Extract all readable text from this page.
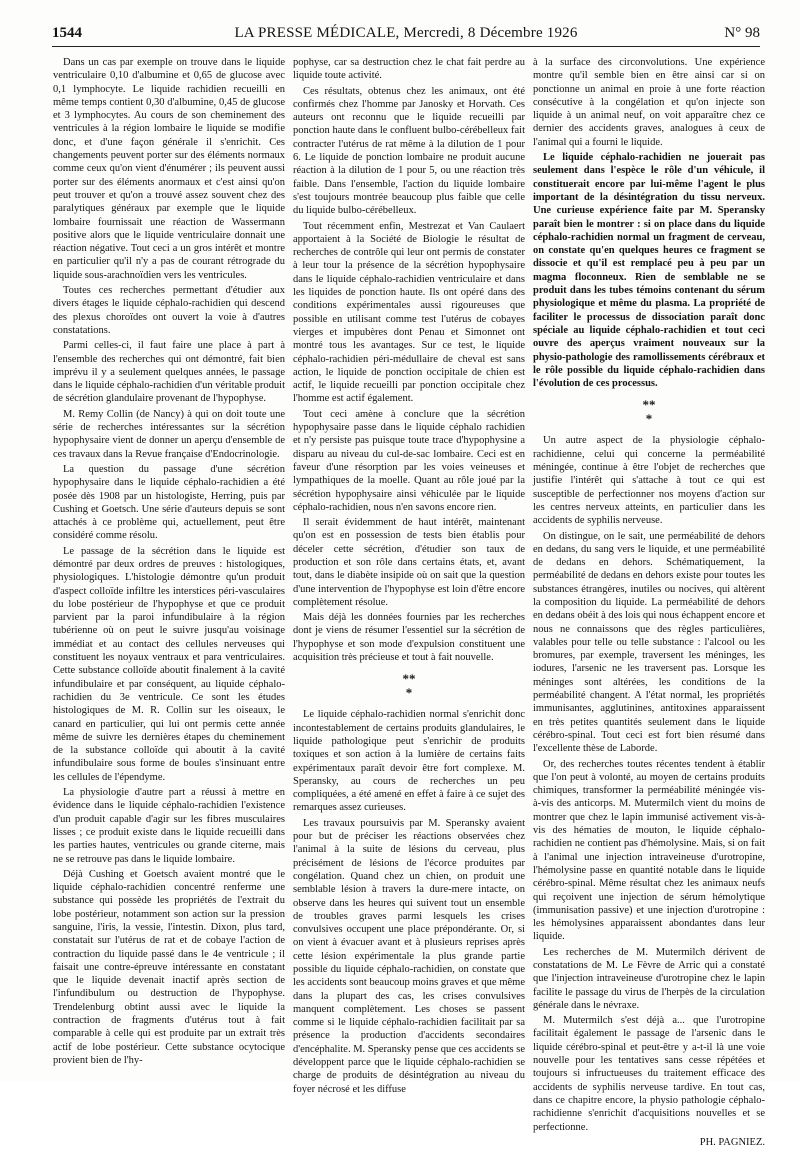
1544	LA PRESSE MÉDICALE, Mercredi, 8 Décembre 1926	N° 98

Dans un cas par exemple on trouve dans le liquide ventriculaire 0,10 d'albumine et 0,65 de glucose avec 0,1 lymphocyte. Le liquide rachidien recueilli en même temps contient 0,30 d'albumine, 0,45 de glucose et 3 lymphocytes. Au cours de son cheminement des ventricules à la région lombaire le liquide se modifie donc, et d'une façon générale il s'enrichit. Ces changements peuvent porter sur des éléments normaux comme ceux qu'on vient d'énumérer ; ils peuvent aussi porter sur des éléments anormaux et c'est ainsi qu'on peut trouver et qu'on a trouvé assez souvent chez des paralytiques généraux par exemple que le liquide lombaire fournissait une réaction de Wassermann positive alors que le liquide ventriculaire donnait une réaction négative. Tout ceci a un gros intérêt et montre en particulier qu'il n'y a pas de courant rétrograde du liquide sous-arachnoïdien vers les ventricules.

Toutes ces recherches permettant d'étudier aux divers étages le liquide céphalo-rachidien qui descend des plexus choroïdes ont ouvert la voie à d'autres constatations.

Parmi celles-ci, il faut faire une place à part à l'ensemble des recherches qui ont démontré, fait bien imprévu il y a seulement quelques années, le passage dans le liquide céphalo-rachidien d'un véritable produit de sécrétion glandulaire provenant de l'hypophyse.

M. Remy Collin (de Nancy) à qui on doit toute une série de recherches intéressantes sur la sécrétion hypophysaire vient de donner un aperçu d'ensemble de ces travaux dans la Revue française d'Endocrinologie.

La question du passage d'une sécrétion hypophysaire dans le liquide céphalo-rachidien a été posée dès 1908 par un histologiste, Herring, puis par Cushing et Goetsch. Une série d'auteurs depuis se sont attachés à ce problème qui, actuellement, peut être considéré comme résolu.

Le passage de la sécrétion dans le liquide est démontré par deux ordres de preuves : histologiques, physiologiques. L'histologie démontre qu'un produit d'aspect colloïde infiltre les interstices péri-vasculaires du lobe postérieur de l'hypophyse et que ce produit parvient par la paroi infundibulaire à la région tubérienne où on peut le suivre jusqu'au voisinage immédiat et au contact des cellules nerveuses qui constituent les noyaux ventraux et para ventriculaires. Cette substance colloïde aboutit finalement à la cavité infundibulaire et par conséquent, au liquide céphalo-rachidien du 3e ventricule. Ce sont les études histologiques de M. R. Collin sur les oiseaux, le canard en particulier, qui lui ont permis cette année même de suivre les dernières étapes du cheminement de la substance colloïde qui aboutit à la cavité infundibulaire sous forme de boules s'insinuant entre les cellules de l'épendyme.

La physiologie d'autre part a réussi à mettre en évidence dans le liquide céphalo-rachidien l'existence d'un produit capable d'agir sur les fibres musculaires lisses ; ce produit existe dans le liquide recueilli dans les parties hautes, ventricules ou grande citerne, mais ne se retrouve pas dans le liquide lombaire.

Déjà Cushing et Goetsch avaient montré que le liquide céphalo-rachidien concentré renferme une substance qui possède les propriétés de l'extrait du lobe postérieur, notamment son action sur la pression sanguine, l'iris, la vessie, l'intestin. Dixon, plus tard, constatait sur l'utérus de rat et de cobaye l'action de contraction du liquide passé dans le 4e ventricule ; il faisait une contre-épreuve intéressante en constatant que le liquide devenait inactif après section de l'infundibulum ou destruction de l'hypophyse. Trendelenburg obtint aussi avec le liquide la contraction de fragments d'utérus tout à fait comparable à celle qui est produite par un extrait très actif de lobe postérieur. Cette substance ocytocique provient bien de l'hy-

pophyse, car sa destruction chez le chat fait perdre au liquide toute activité.

Ces résultats, obtenus chez les animaux, ont été confirmés chez l'homme par Janosky et Horvath. Ces auteurs ont reconnu que le liquide recueilli par ponction haute dans le confluent bulbo-cérébelleux fait contracter l'utérus de rat même à la dilution de 1 pour 6. Le liquide de ponction lombaire ne produit aucune réaction à la dilution de 1 pour 5, ou une réaction très faible. Dans l'ensemble, l'action du liquide lombaire s'est toujours montrée beaucoup plus faible que celle du liquide bulbo-cérébelleux.

Tout récemment enfin, Mestrezat et Van Caulaert apportaient à la Société de Biologie le résultat de recherches de contrôle qui leur ont permis de constater à leur tour la présence de la sécrétion hypophysaire dans le liquide céphalo-rachidien ventriculaire et dans les liquides de ponction haute. Ils ont opéré dans des conditions expérimentales aussi rigoureuses que possible en utilisant comme test l'utérus de cobayes vierges et impubères dont Penau et Simonnet ont montré tous les avantages. Sur ce test, le liquide céphalo-rachidien péri-médullaire de cheval est sans action, le liquide de ponction occipitale de chien est actif, le liquide recueilli par ponction occipitale chez l'homme est actif également.

Tout ceci amène à conclure que la sécrétion hypophysaire passe dans le liquide céphalo rachidien et n'y persiste pas puisque toute trace d'hypophysine a disparu au niveau du cul-de-sac lombaire. Ceci est en faveur d'une résorption par les voies veineuses et lympathiques de la moelle. Quant au rôle joué par la sécrétion hypophysaire ainsi véhiculée par le liquide céphalo-rachidien, nous n'en savons encore rien.

Il serait évidemment de haut intérêt, maintenant qu'on est en possession de tests bien établis pour déceler cette sécrétion, d'étudier son taux de production et son rôle dans certains états, et, avant tout, dans le diabète insipide où on sait que la question d'une intervention de l'hypophyse est loin d'être encore complètement résolue.

Mais déjà les données fournies par les recherches dont je viens de résumer l'essentiel sur la sécrétion de l'hypophyse et son mode d'expulsion constituent une acquisition très précieuse et tout à fait nouvelle.

**
*

Le liquide céphalo-rachidien normal s'enrichit donc incontestablement de certains produits glandulaires, le liquide pathologique peut s'enrichir de produits toxiques et son action à la lumière de certains faits expérimentaux paraît devoir être fort complexe. M. Speransky, au cours de recherches un peu compliquées, a été amené en effet à faire à ce sujet des remarques assez curieuses.

Les travaux poursuivis par M. Speransky avaient pour but de préciser les réactions observées chez l'animal à la suite de lésions du cerveau, plus précisément de lésions de l'écorce produites par congélation. Quand chez un chien, on produit une semblable lésion à travers la dure-mere intacte, on observe dans les heures qui suivent tout un ensemble de troubles graves parmi lesquels les crises convulsives occupent une place prépondérante. Or, si on vient à évacuer avant et à plusieurs reprises après cette lésion expérimentale la plus grande partie possible du liquide céphalo-rachidien, on constate que les accidents sont beaucoup moins graves et que même dans la plupart des cas, les crises convulsives manquent complètement. Les choses se passent comme si le liquide céphalo-rachidien facilitait par sa présence la production d'accidents secondaires d'encéphalite. M. Speransky pense que ces accidents se développent parce que le liquide céphalo-rachidien se charge de produits de désintégration au niveau du foyer nécrosé et les diffuse

à la surface des circonvolutions. Une expérience montre qu'il semble bien en être ainsi car si on ponctionne un animal en proie à une forte réaction consécutive à la congélation et qu'on injecte son liquide à un animal neuf, on voit apparaître chez ce dernier des accidents graves, analogues à ceux de l'animal qui a fourni le liquide.

Le liquide céphalo-rachidien ne jouerait pas seulement dans l'espèce le rôle d'un véhicule, il constituerait encore par lui-même l'agent le plus important de la désintégration du tissu nerveux. Une curieuse expérience faite par M. Speransky paraît bien le montrer : si on place dans du liquide céphalo-rachidien normal un fragment de cerveau, on constate qu'en quelques heures ce fragment se dissocie et qu'il est remplacé peu à peu par un magma floconneux. Rien de semblable ne se produit dans les tubes témoins contenant du sérum physiologique et même du plasma. La propriété de faciliter le processus de dissociation paraît donc spéciale au liquide céphalo-rachidien et tout ceci ouvre des aperçus vraiment nouveaux sur la physio-pathologie des ramollissements cérébraux et le rôle possible du liquide céphalo-rachidien dans l'évolution de ces processus.

**
*

Un autre aspect de la physiologie céphalo-rachidienne, celui qui concerne la perméabilité méningée, continue à être l'objet de recherches que justifie l'intérêt qui s'attache à tout ce qui est susceptible de perfectionner nos moyens d'action sur les centres nerveux atteints, en particulier dans les accidents de syphilis nerveuse.

On distingue, on le sait, une perméabilité de dehors en dedans, du sang vers le liquide, et une perméabilité de dedans en dehors. Schématiquement, la perméabilité de dedans en dehors existe pour toutes les substances étrangères, inutiles ou nocives, qui altèrent la composition du liquide. La perméabilité de dehors en dedans obéit à des lois qui nous échappent encore et nous ne connaissons que des règles particulières, valables pour telle ou telle substance : l'alcool ou les bromures, par exemple, traversent les méninges, les iodures, l'arsenic ne les traversent pas. Lorsque les méninges sont altérées, les conditions de la perméabilité changent. A l'état normal, les propriétés immunisantes, agglutinines, antitoxines apparaissent en très petites quantités seulement dans le liquide cérébro-spinal. Tout ceci est fort bien résumé dans l'excellente thèse de Laborde.

Or, des recherches toutes récentes tendent à établir que l'on peut à volonté, au moyen de certains produits chimiques, transformer la perméabilité méningée vis-à-vis des anticorps. M. Mutermilch vient du moins de montrer que chez le lapin immunisé activement vis-à-vis des hématies de mouton, le liquide céphalo-rachidien ne contient pas d'hémolysine. Mais, si on fait à l'animal une injection intraveineuse d'urotropine, l'hémolysine passe en quantité notable dans le liquide cérébro-spinal. Même résultat chez les animaux neufs qui reçoivent une injection de sérum hémolytique (immunisation passive) et une injection d'urotropine : les hémolysines apparaissent abondantes dans leur liquide.

Les recherches de M. Mutermilch dérivent de constatations de M. Le Fèvre de Arric qui a constaté que l'injection intraveineuse d'urotropine chez le lapin facilite le passage du virus de l'herpès de la circulation générale dans le névraxe.

M. Mutermilch s'est déjà a... que l'urotropine facilitait également le passage de l'arsenic dans le liquide cérébro-spinal et peut-être y a-t-il là une voie nouvelle pour les tentatives sans cesse répétées et toujours si infructueuses du traitement efficace des accidents de syphilis nerveuse tardive. En tout cas, dans ce chapitre encore, la physio pathologie céphalo-rachidienne s'enrichit d'acquisitions nouvelles et se perfectionne.

PH. PAGNIEZ.
